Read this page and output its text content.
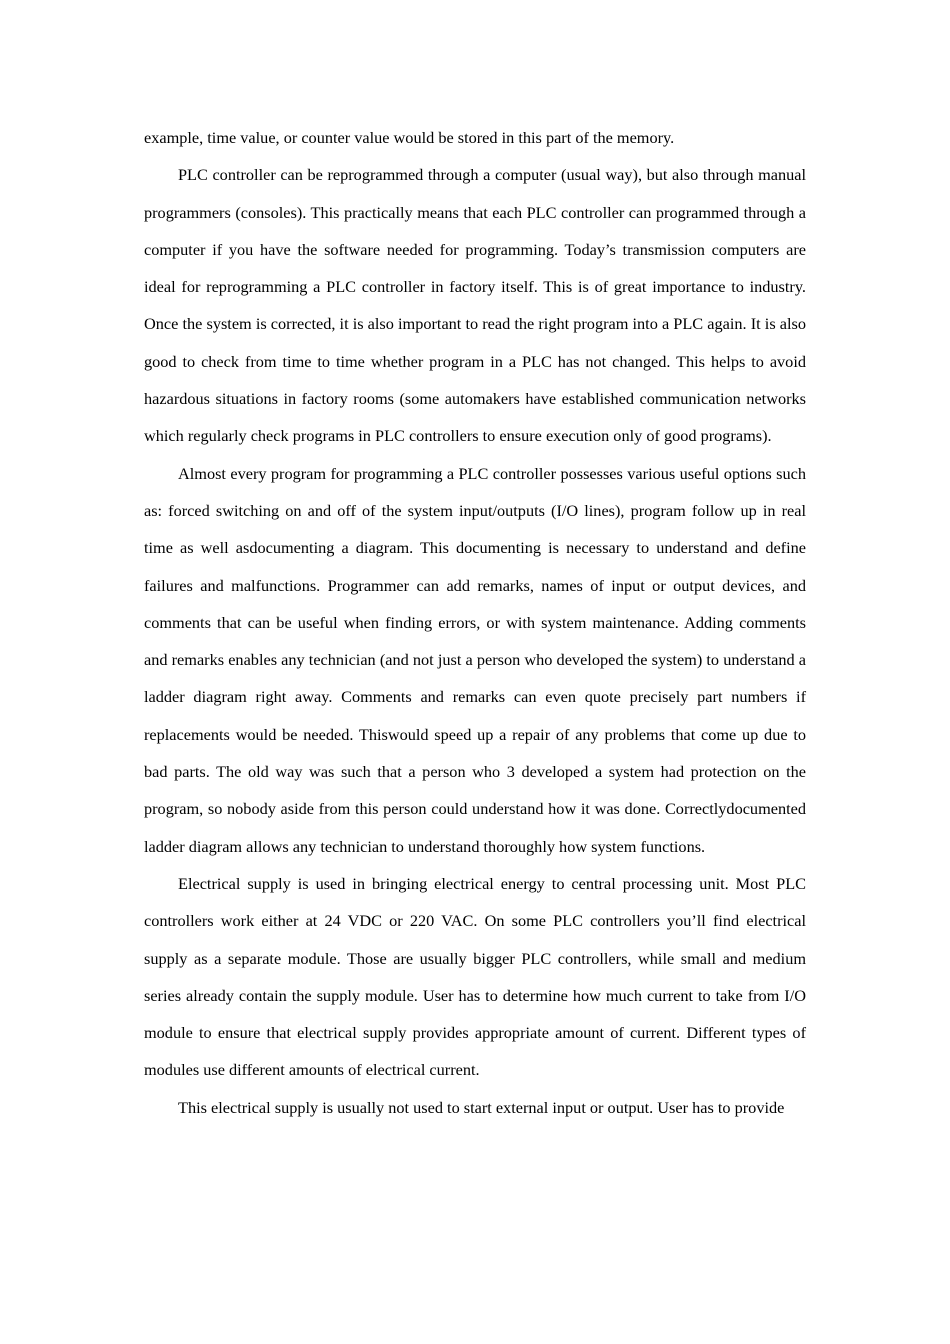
example, time value, or counter value would be stored in this part of the memory.

PLC controller can be reprogrammed through a computer (usual way), but also through manual programmers (consoles). This practically means that each PLC controller can programmed through a computer if you have the software needed for programming. Today’s transmission computers are ideal for reprogramming a PLC controller in factory itself. This is of great importance to industry. Once the system is corrected, it is also important to read the right program into a PLC again. It is also good to check from time to time whether program in a PLC has not changed. This helps to avoid hazardous situations in factory rooms (some automakers have established communication networks which regularly check programs in PLC controllers to ensure execution only of good programs).

Almost every program for programming a PLC controller possesses various useful options such as: forced switching on and off of the system input/outputs (I/O lines), program follow up in real time as well asdocumenting a diagram. This documenting is necessary to understand and define failures and malfunctions. Programmer can add remarks, names of input or output devices, and comments that can be useful when finding errors, or with system maintenance. Adding comments and remarks enables any technician (and not just a person who developed the system) to understand a ladder diagram right away. Comments and remarks can even quote precisely part numbers if replacements would be needed. Thiswould speed up a repair of any problems that come up due to bad parts. The old way was such that a person who 3 developed a system had protection on the program, so nobody aside from this person could understand how it was done. Correctlydocumented ladder diagram allows any technician to understand thoroughly how system functions.

Electrical supply is used in bringing electrical energy to central processing unit. Most PLC controllers work either at 24 VDC or 220 VAC. On some PLC controllers you’ll find electrical supply as a separate module. Those are usually bigger PLC controllers, while small and medium series already contain the supply module. User has to determine how much current to take from I/O module to ensure that electrical supply provides appropriate amount of current. Different types of modules use different amounts of electrical current.

This electrical supply is usually not used to start external input or output. User has to provide
